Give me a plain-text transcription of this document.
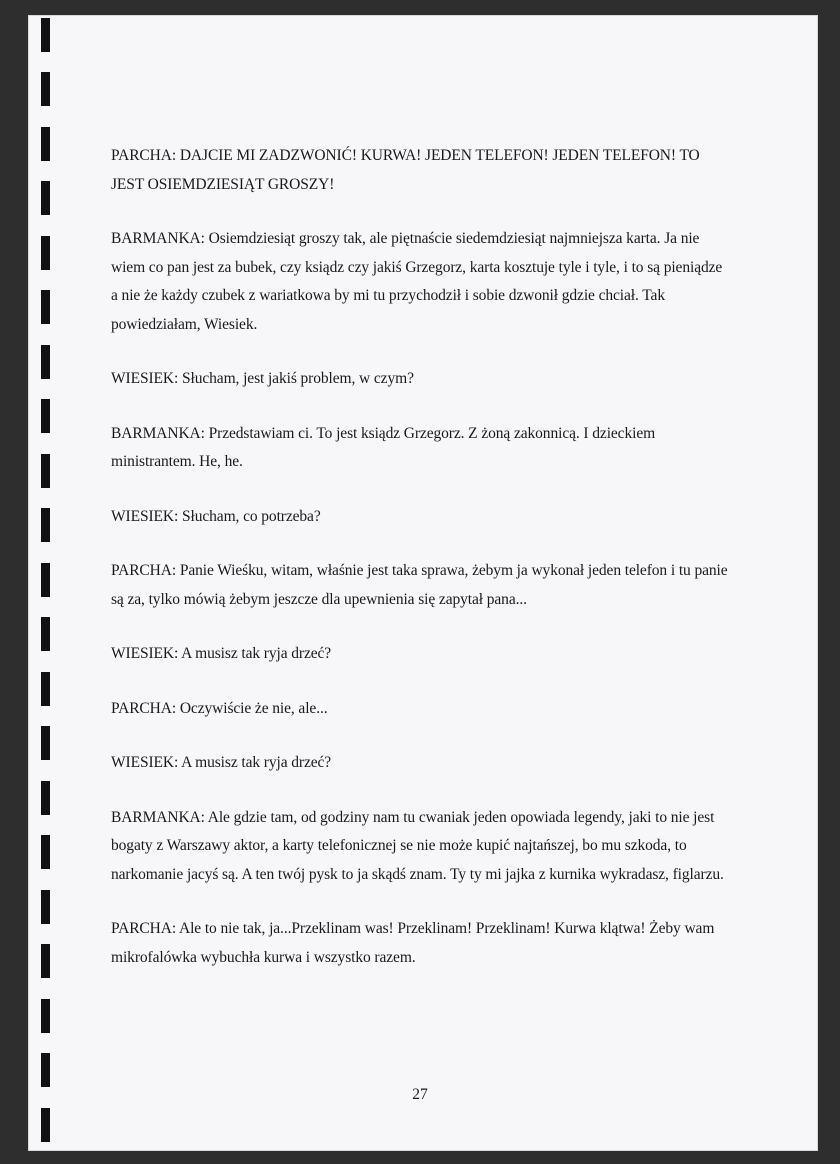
PARCHA: DAJCIE MI ZADZWONIĆ! KURWA! JEDEN TELEFON! JEDEN TELEFON! TO JEST OSIEMDZIESIĄT GROSZY!

BARMANKA: Osiemdziesiąt groszy tak, ale piętnaście siedemdziesiąt najmniejsza karta. Ja nie wiem co pan jest za bubek, czy ksiądz czy jakiś Grzegorz, karta kosztuje tyle i tyle, i to są pieniądze a nie że każdy czubek z wariatkowa by mi tu przychodził i sobie dzwonił gdzie chciał. Tak powiedziałam, Wiesiek.

WIESIEK: Słucham, jest jakiś problem, w czym?

BARMANKA: Przedstawiam ci. To jest ksiądz Grzegorz. Z żoną zakonnicą. I dzieckiem ministrantem. He, he.

WIESIEK: Słucham, co potrzeba?

PARCHA: Panie Wieśku, witam, właśnie jest taka sprawa, żebym ja wykonał jeden telefon i tu panie są za, tylko mówią żebym jeszcze dla upewnienia się zapytał pana...

WIESIEK: A musisz tak ryja drzeć?

PARCHA: Oczywiście że nie, ale...

WIESIEK: A musisz tak ryja drzeć?

BARMANKA: Ale gdzie tam, od godziny nam tu cwaniak jeden opowiada legendy, jaki to nie jest bogaty z Warszawy aktor, a karty telefonicznej se nie może kupić najtańszej, bo mu szkoda, to narkomanie jacyś są. A ten twój pysk to ja skądś znam. Ty ty mi jajka z kurnika wykradasz, figlarzu.

PARCHA: Ale to nie tak, ja...Przeklinam was! Przeklinam! Przeklinam! Kurwa klątwa! Żeby wam mikrofalówka wybuchła kurwa i wszystko razem.

27
